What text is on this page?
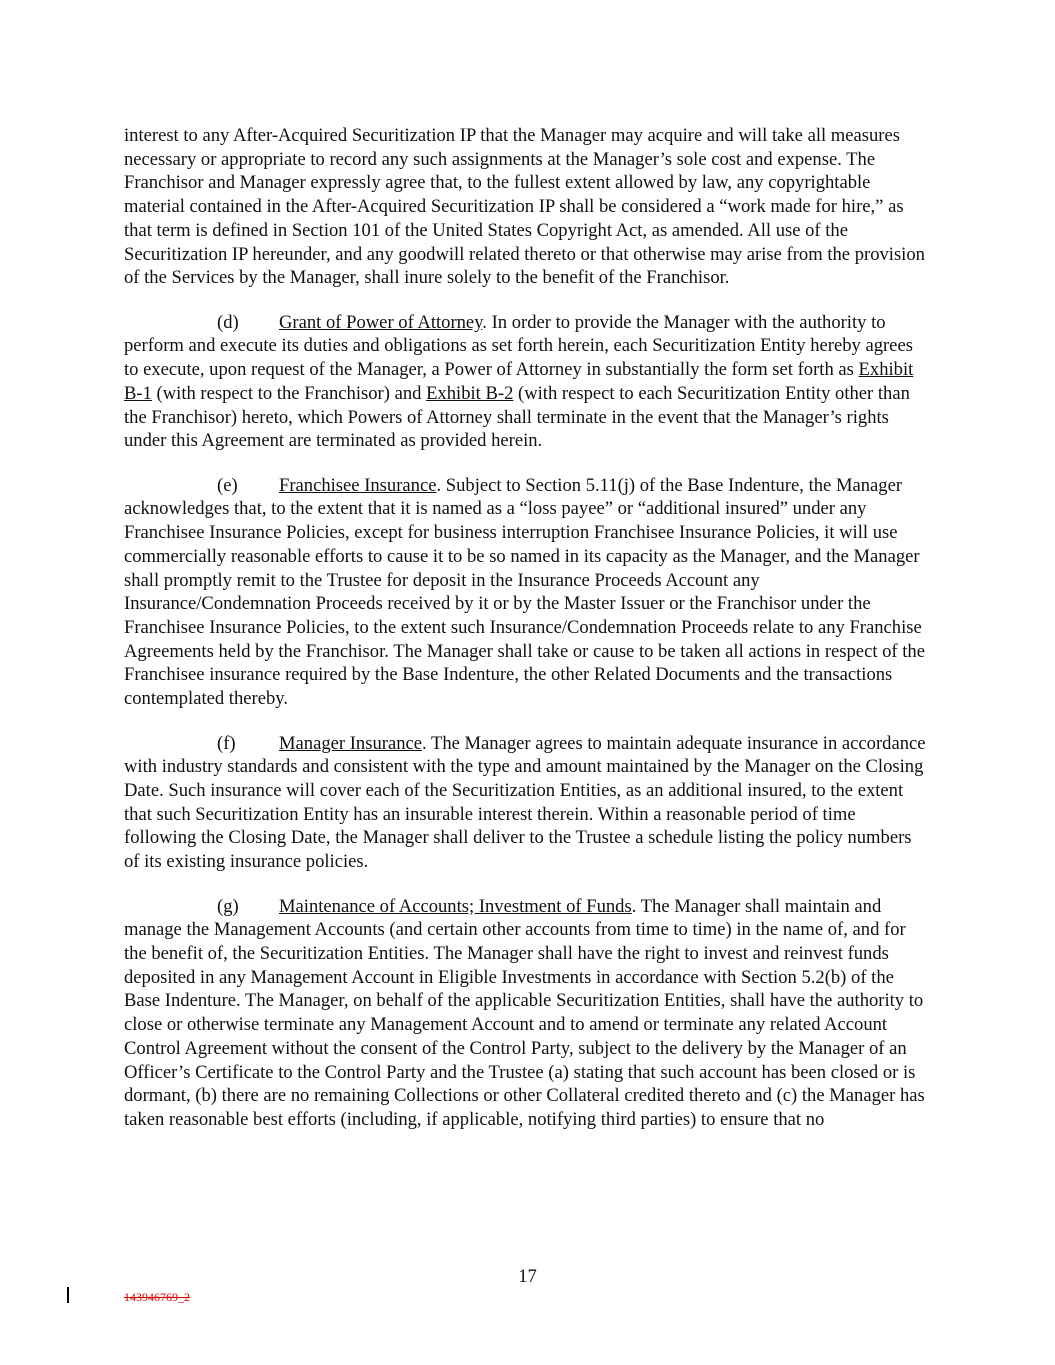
interest to any After-Acquired Securitization IP that the Manager may acquire and will take all measures necessary or appropriate to record any such assignments at the Manager’s sole cost and expense. The Franchisor and Manager expressly agree that, to the fullest extent allowed by law, any copyrightable material contained in the After-Acquired Securitization IP shall be considered a “work made for hire,” as that term is defined in Section 101 of the United States Copyright Act, as amended. All use of the Securitization IP hereunder, and any goodwill related thereto or that otherwise may arise from the provision of the Services by the Manager, shall inure solely to the benefit of the Franchisor.

(d) Grant of Power of Attorney. In order to provide the Manager with the authority to perform and execute its duties and obligations as set forth herein, each Securitization Entity hereby agrees to execute, upon request of the Manager, a Power of Attorney in substantially the form set forth as Exhibit B-1 (with respect to the Franchisor) and Exhibit B-2 (with respect to each Securitization Entity other than the Franchisor) hereto, which Powers of Attorney shall terminate in the event that the Manager’s rights under this Agreement are terminated as provided herein.

(e) Franchisee Insurance. Subject to Section 5.11(j) of the Base Indenture, the Manager acknowledges that, to the extent that it is named as a “loss payee” or “additional insured” under any Franchisee Insurance Policies, except for business interruption Franchisee Insurance Policies, it will use commercially reasonable efforts to cause it to be so named in its capacity as the Manager, and the Manager shall promptly remit to the Trustee for deposit in the Insurance Proceeds Account any Insurance/Condemnation Proceeds received by it or by the Master Issuer or the Franchisor under the Franchisee Insurance Policies, to the extent such Insurance/Condemnation Proceeds relate to any Franchise Agreements held by the Franchisor. The Manager shall take or cause to be taken all actions in respect of the Franchisee insurance required by the Base Indenture, the other Related Documents and the transactions contemplated thereby.

(f) Manager Insurance. The Manager agrees to maintain adequate insurance in accordance with industry standards and consistent with the type and amount maintained by the Manager on the Closing Date. Such insurance will cover each of the Securitization Entities, as an additional insured, to the extent that such Securitization Entity has an insurable interest therein. Within a reasonable period of time following the Closing Date, the Manager shall deliver to the Trustee a schedule listing the policy numbers of its existing insurance policies.

(g) Maintenance of Accounts; Investment of Funds. The Manager shall maintain and manage the Management Accounts (and certain other accounts from time to time) in the name of, and for the benefit of, the Securitization Entities. The Manager shall have the right to invest and reinvest funds deposited in any Management Account in Eligible Investments in accordance with Section 5.2(b) of the Base Indenture. The Manager, on behalf of the applicable Securitization Entities, shall have the authority to close or otherwise terminate any Management Account and to amend or terminate any related Account Control Agreement without the consent of the Control Party, subject to the delivery by the Manager of an Officer’s Certificate to the Control Party and the Trustee (a) stating that such account has been closed or is dormant, (b) there are no remaining Collections or other Collateral credited thereto and (c) the Manager has taken reasonable best efforts (including, if applicable, notifying third parties) to ensure that no

17
143946769_2
